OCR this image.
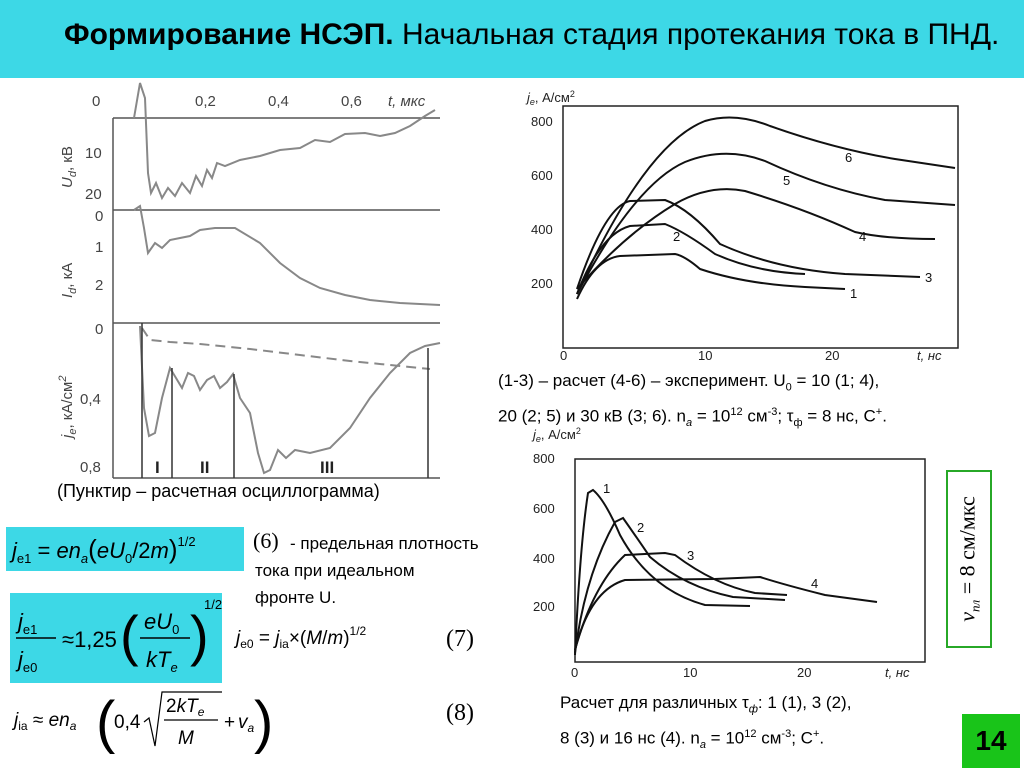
Формирование НСЭП. Начальная стадия протекания тока в ПНД.
0	0,2	0,4	0,6 t, мкс
10
20
$U_d$, кВ
0
1
2
$I_d$, кА
0
0,4
0,8
$j_e$, $кА/см^2$
I II	III
(Пунктир – расчетная осциллограмма)
$j_e$, $А/см^2$
800
600
400
200
0	10	20	t, нс
1
2
3
4
5
6
(1-3) – расчет (4-6) – эксперимент. $U_0 = 10$ (1; 4),
20 (2; 5) и 30 кВ (3; 6). $n_a = 10^{12}$ $см^{-3}$; $\tau_ф = 8$ нс, C+.
$j_e$, $А/см^2$
800
600
400
200
0	10	20	t, нс
1
2
3
4
Расчет для различных $\tau_ф$: 1 (1), 3 (2),
8 (3) и 16 нс (4). $n_a = 10^{12}$ $см^{-3}$; C+.
$v_{пл} = 8$ см/мкс
$j_{e1} = en_a(eU_0/2m)^{1/2}$	(6) - предельная плотность
тока при идеальном
фронте U.
$j_{e1}$
$j_{e0}$
≈1,25 ( $eU_0$
$kT_e$
)
1/2
$j_{e0} = j_{ia}\times(M/m)^{1/2}$	(7)
$j_{ia} \approx en_a$ (
0,4
$2kT_e$
M
+ $v_a$ )	(8)
14
